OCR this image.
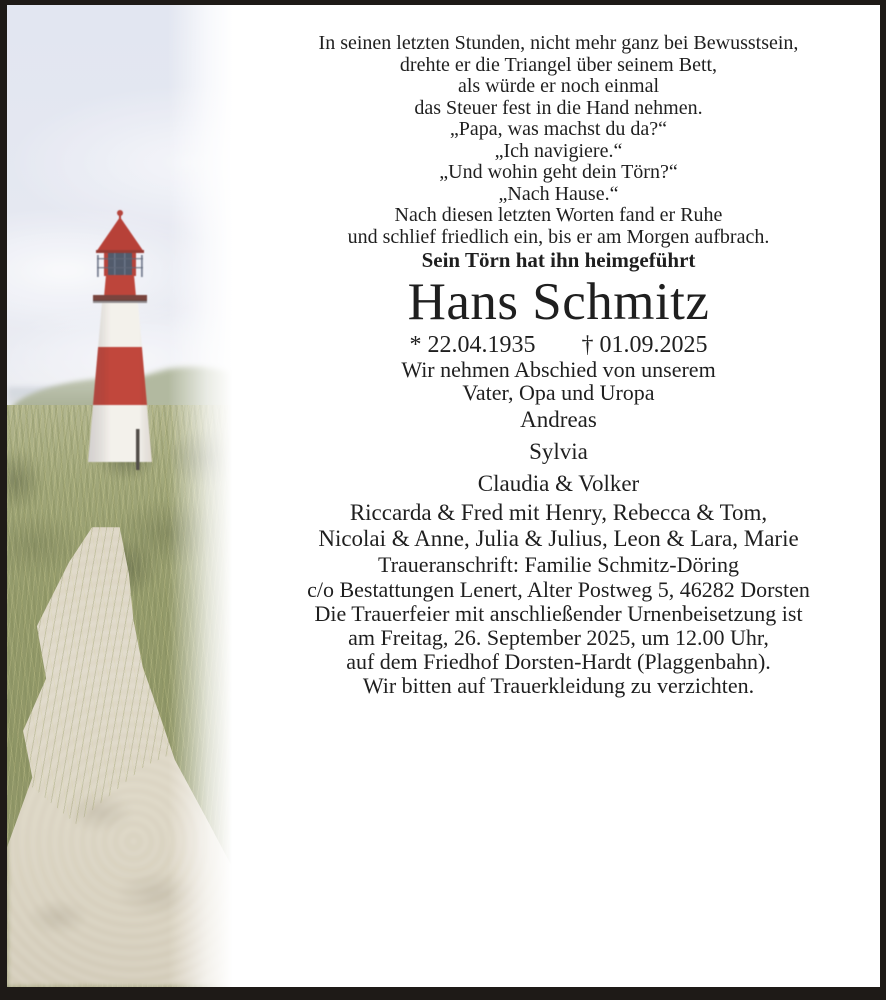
In seinen letzten Stunden, nicht mehr ganz bei Bewusstsein,
drehte er die Triangel über seinem Bett,
als würde er noch einmal
das Steuer fest in die Hand nehmen.
„Papa, was machst du da?“
„Ich navigiere.“
„Und wohin geht dein Törn?“
„Nach Hause.“
Nach diesen letzten Worten fand er Ruhe
und schlief friedlich ein, bis er am Morgen aufbrach.
Sein Törn hat ihn heimgeführt
Hans Schmitz
* 22.04.1935 † 01.09.2025
Wir nehmen Abschied von unserem
Vater, Opa und Uropa
Andreas
Sylvia
Claudia & Volker
Riccarda & Fred mit Henry, Rebecca & Tom,
Nicolai & Anne, Julia & Julius, Leon & Lara, Marie
Traueranschrift: Familie Schmitz-Döring
c/o Bestattungen Lenert, Alter Postweg 5, 46282 Dorsten
Die Trauerfeier mit anschließender Urnenbeisetzung ist
am Freitag, 26. September 2025, um 12.00 Uhr,
auf dem Friedhof Dorsten-Hardt (Plaggenbahn).
Wir bitten auf Trauerkleidung zu verzichten.
